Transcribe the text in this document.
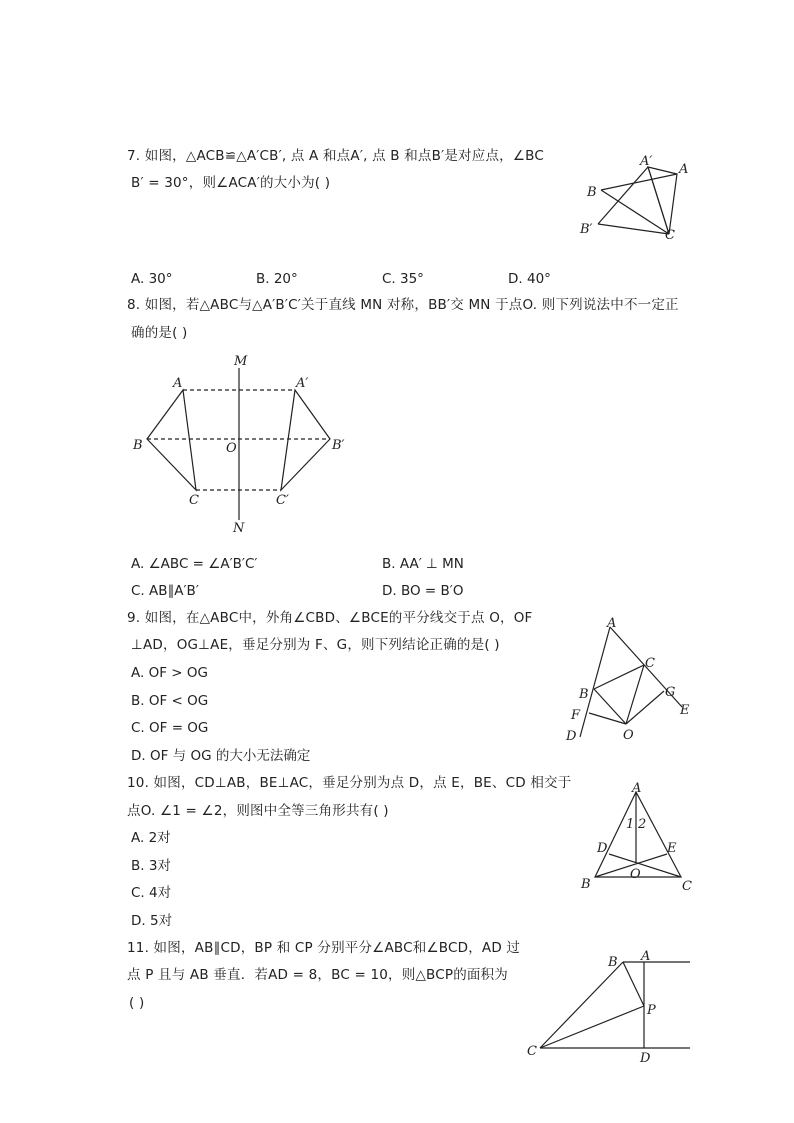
7. 如图，△ACB≌△A′CB′, 点 A 和点A′, 点 B 和点B′是对应点，∠BC
B′ = 30°，则∠ACA′的大小为( )
A′
A
B
B′	C
A. 30°	B. 20°	C. 35°	D. 40°
8. 如图，若△ABC与△A′B′C′关于直线 MN 对称，BB′交 MN 于点O. 则下列说法中不一定正
确的是( )
M
N
A	A′
B	B′
O
C	C′
A. ∠ABC = ∠A′B′C′	B. AA′ ⊥ MN
C. AB∥A′B′	D. BO = B′O
9. 如图，在△ABC中，外角∠CBD、∠BCE的平分线交于点 O，OF
⊥AD，OG⊥AE，垂足分别为 F、G，则下列结论正确的是( )
A. OF > OG
B. OF < OG
C. OF = OG
D. OF 与 OG 的大小无法确定
A
C
G
B
E
F
D	O
10. 如图，CD⊥AB，BE⊥AC，垂足分别为点 D，点 E，BE、CD 相交于
点O. ∠1 = ∠2，则图中全等三角形共有( )
A. 2对
B. 3对
C. 4对
D. 5对
A
1 2
D	E
O
B	C
11. 如图，AB∥CD，BP 和 CP 分别平分∠ABC和∠BCD，AD 过
点 P 且与 AB 垂直．若AD = 8，BC = 10，则△BCP的面积为
( )
B A
P
C	D
